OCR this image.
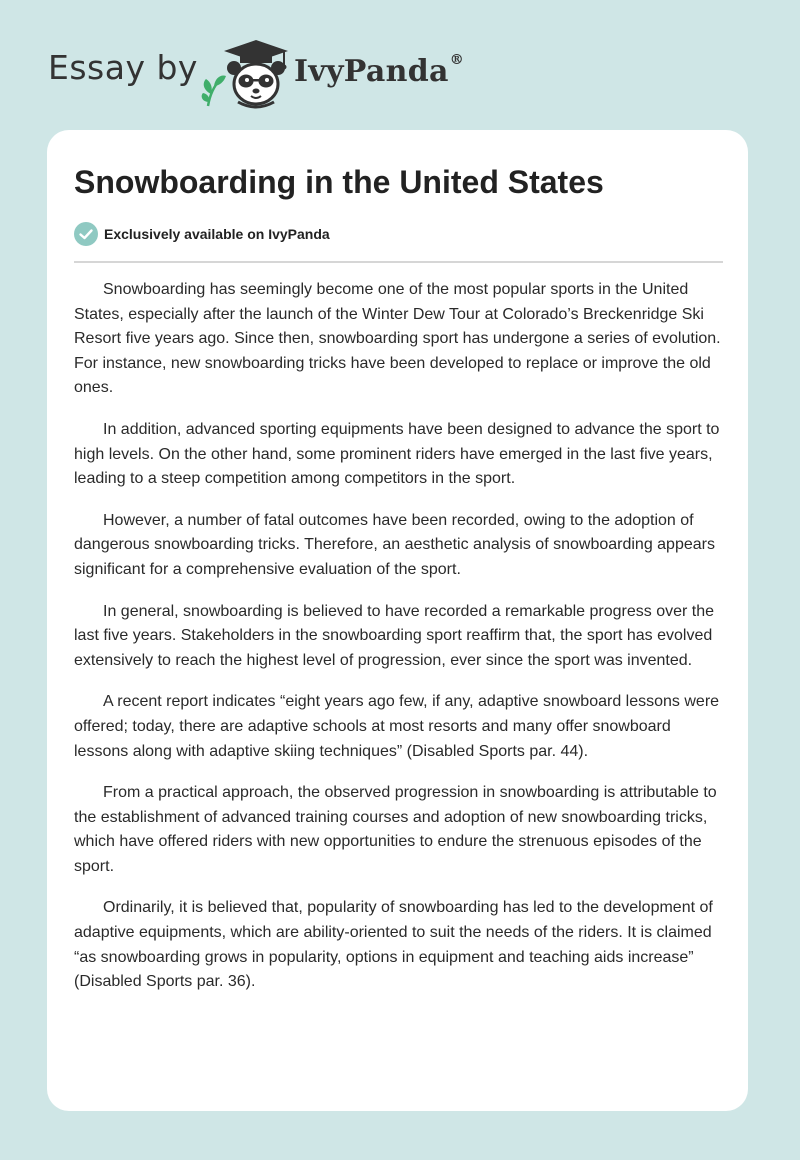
Essay by	IvyPanda®
Snowboarding in the United States
Exclusively available on IvyPanda

Snowboarding has seemingly become one of the most popular sports in the United States, especially after the launch of the Winter Dew Tour at Colorado’s Breckenridge Ski Resort five years ago. Since then, snowboarding sport has undergone a series of evolution. For instance, new snowboarding tricks have been developed to replace or improve the old ones.

In addition, advanced sporting equipments have been designed to advance the sport to high levels. On the other hand, some prominent riders have emerged in the last five years, leading to a steep competition among competitors in the sport.

However, a number of fatal outcomes have been recorded, owing to the adoption of dangerous snowboarding tricks. Therefore, an aesthetic analysis of snowboarding appears significant for a comprehensive evaluation of the sport.

In general, snowboarding is believed to have recorded a remarkable progress over the last five years. Stakeholders in the snowboarding sport reaffirm that, the sport has evolved extensively to reach the highest level of progression, ever since the sport was invented.

A recent report indicates “eight years ago few, if any, adaptive snowboard lessons were offered; today, there are adaptive schools at most resorts and many offer snowboard lessons along with adaptive skiing techniques” (Disabled Sports par. 44).

From a practical approach, the observed progression in snowboarding is attributable to the establishment of advanced training courses and adoption of new snowboarding tricks, which have offered riders with new opportunities to endure the strenuous episodes of the sport.

Ordinarily, it is believed that, popularity of snowboarding has led to the development of adaptive equipments, which are ability-oriented to suit the needs of the riders. It is claimed “as snowboarding grows in popularity, options in equipment and teaching aids increase” (Disabled Sports par. 36).
